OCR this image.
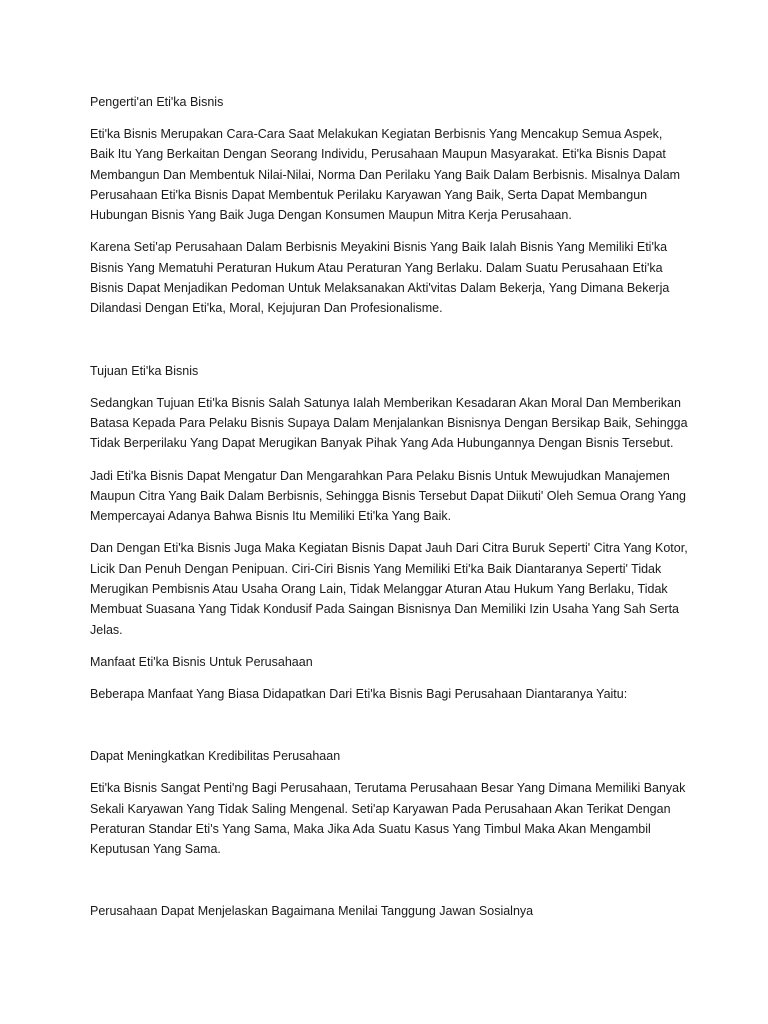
Pengerti'an Eti'ka Bisnis

Eti'ka Bisnis Merupakan Cara-Cara Saat Melakukan Kegiatan Berbisnis Yang Mencakup Semua Aspek, Baik Itu Yang Berkaitan Dengan Seorang Individu, Perusahaan Maupun Masyarakat. Eti'ka Bisnis Dapat Membangun Dan Membentuk Nilai-Nilai, Norma Dan Perilaku Yang Baik Dalam Berbisnis. Misalnya Dalam Perusahaan Eti'ka Bisnis Dapat Membentuk Perilaku Karyawan Yang Baik, Serta Dapat Membangun Hubungan Bisnis Yang Baik Juga Dengan Konsumen Maupun Mitra Kerja Perusahaan.

Karena Seti'ap Perusahaan Dalam Berbisnis Meyakini Bisnis Yang Baik Ialah Bisnis Yang Memiliki Eti'ka Bisnis Yang Mematuhi Peraturan Hukum Atau Peraturan Yang Berlaku. Dalam Suatu Perusahaan Eti'ka Bisnis Dapat Menjadikan Pedoman Untuk Melaksanakan Akti'vitas Dalam Bekerja, Yang Dimana Bekerja Dilandasi Dengan Eti'ka, Moral, Kejujuran Dan Profesionalisme.

Tujuan Eti'ka Bisnis

Sedangkan Tujuan Eti'ka Bisnis Salah Satunya Ialah Memberikan Kesadaran Akan Moral Dan Memberikan Batasa Kepada Para Pelaku Bisnis Supaya Dalam Menjalankan Bisnisnya Dengan Bersikap Baik, Sehingga Tidak Berperilaku Yang Dapat Merugikan Banyak Pihak Yang Ada Hubungannya Dengan Bisnis Tersebut.

Jadi Eti'ka Bisnis Dapat Mengatur Dan Mengarahkan Para Pelaku Bisnis Untuk Mewujudkan Manajemen Maupun Citra Yang Baik Dalam Berbisnis, Sehingga Bisnis Tersebut Dapat Diikuti' Oleh Semua Orang Yang Mempercayai Adanya Bahwa Bisnis Itu Memiliki Eti'ka Yang Baik.

Dan Dengan Eti'ka Bisnis Juga Maka Kegiatan Bisnis Dapat Jauh Dari Citra Buruk Seperti' Citra Yang Kotor, Licik Dan Penuh Dengan Penipuan. Ciri-Ciri Bisnis Yang Memiliki Eti'ka Baik Diantaranya Seperti' Tidak Merugikan Pembisnis Atau Usaha Orang Lain, Tidak Melanggar Aturan Atau Hukum Yang Berlaku, Tidak Membuat Suasana Yang Tidak Kondusif Pada Saingan Bisnisnya Dan Memiliki Izin Usaha Yang Sah Serta Jelas.

Manfaat Eti'ka Bisnis Untuk Perusahaan

Beberapa Manfaat Yang Biasa Didapatkan Dari Eti'ka Bisnis Bagi Perusahaan Diantaranya Yaitu:

Dapat Meningkatkan Kredibilitas Perusahaan

Eti'ka Bisnis Sangat Penti'ng Bagi Perusahaan, Terutama Perusahaan Besar Yang Dimana Memiliki Banyak Sekali Karyawan Yang Tidak Saling Mengenal. Seti'ap Karyawan Pada Perusahaan Akan Terikat Dengan Peraturan Standar Eti's Yang Sama, Maka Jika Ada Suatu Kasus Yang Timbul Maka Akan Mengambil Keputusan Yang Sama.

Perusahaan Dapat Menjelaskan Bagaimana Menilai Tanggung Jawan Sosialnya
